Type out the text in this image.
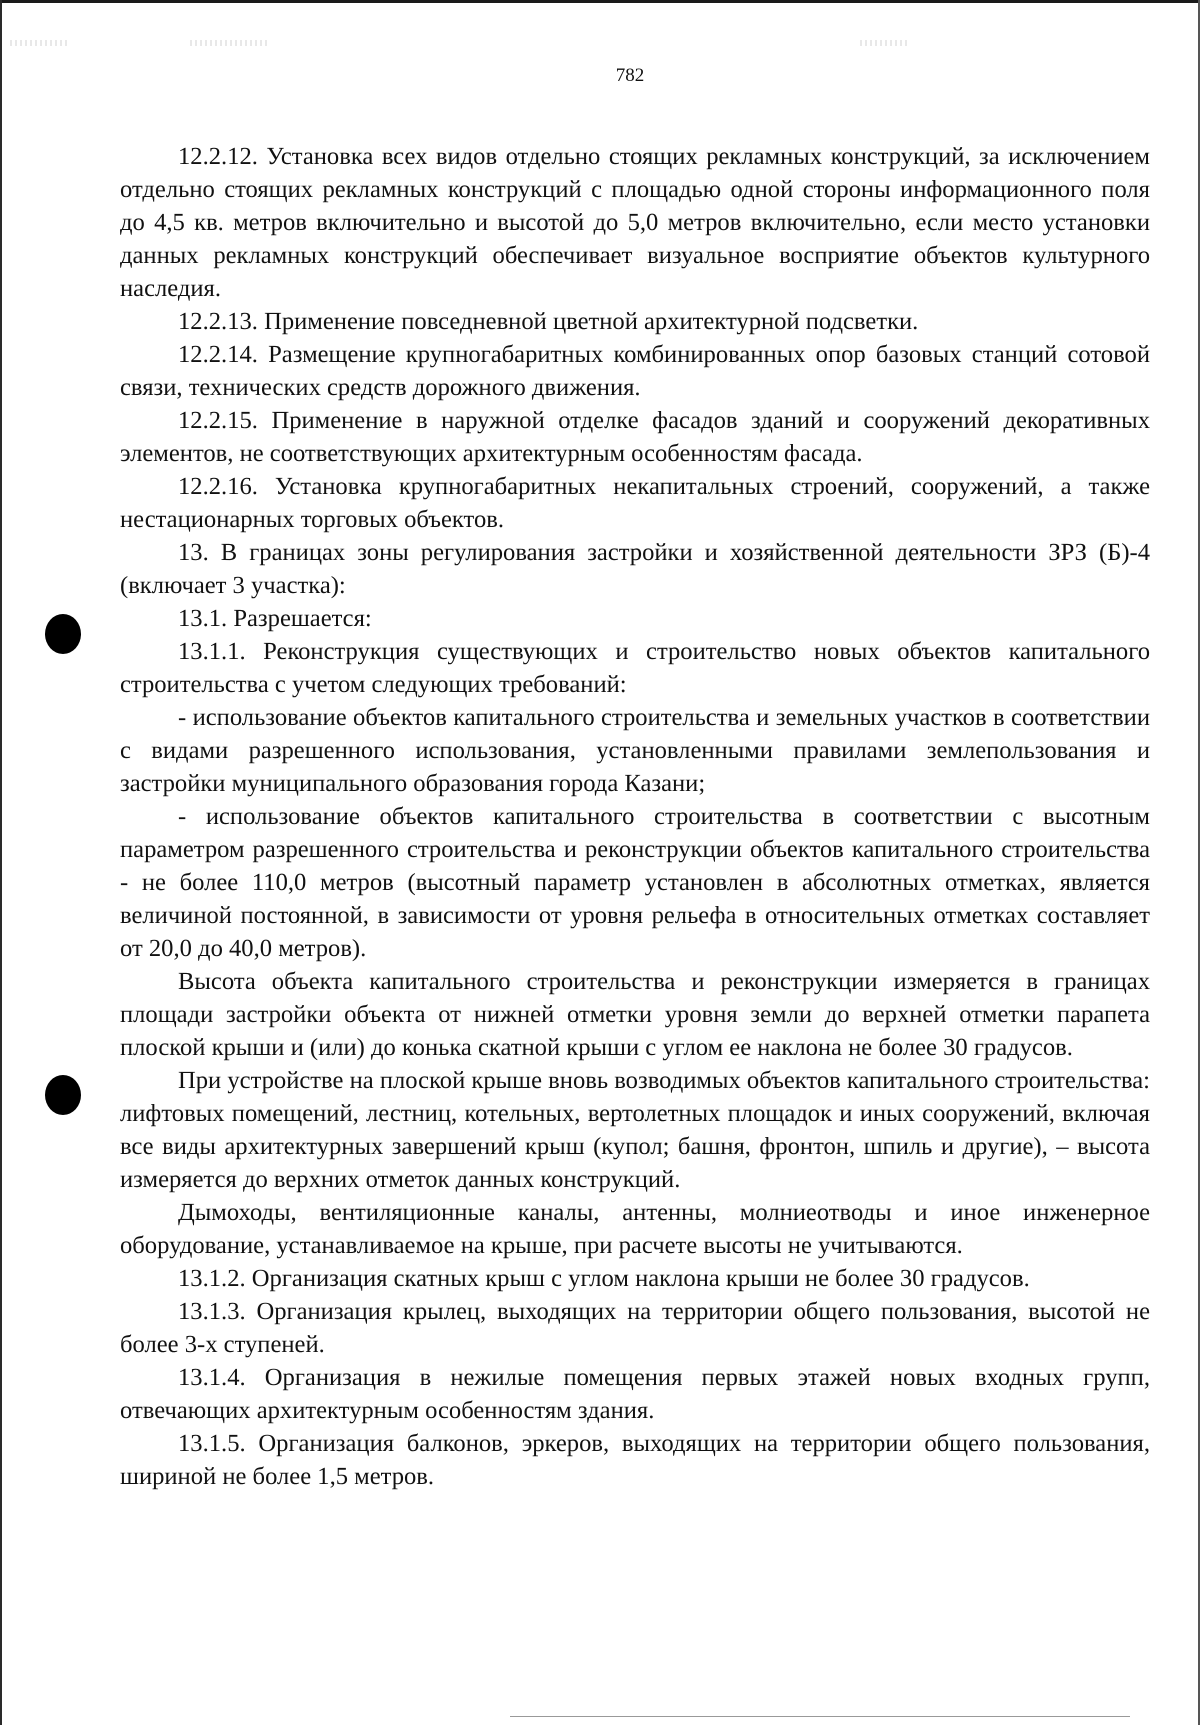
782

12.2.12. Установка всех видов отдельно стоящих рекламных конструкций, за исключением отдельно стоящих рекламных конструкций с площадью одной стороны информационного поля до 4,5 кв. метров включительно и высотой до 5,0 метров включительно, если место установки данных рекламных конструкций обеспечивает визуальное восприятие объектов культурного наследия.

12.2.13. Применение повседневной цветной архитектурной подсветки.

12.2.14. Размещение крупногабаритных комбинированных опор базовых станций сотовой связи, технических средств дорожного движения.

12.2.15. Применение в наружной отделке фасадов зданий и сооружений декоративных элементов, не соответствующих архитектурным особенностям фасада.

12.2.16. Установка крупногабаритных некапитальных строений, сооружений, а также нестационарных торговых объектов.

13. В границах зоны регулирования застройки и хозяйственной деятельности ЗРЗ (Б)-4 (включает 3 участка):

13.1. Разрешается:

13.1.1. Реконструкция существующих и строительство новых объектов капитального строительства с учетом следующих требований:

- использование объектов капитального строительства и земельных участков в соответствии с видами разрешенного использования, установленными правилами землепользования и застройки муниципального образования города Казани;

- использование объектов капитального строительства в соответствии с высотным параметром разрешенного строительства и реконструкции объектов капитального строительства - не более 110,0 метров (высотный параметр установлен в абсолютных отметках, является величиной постоянной, в зависимости от уровня рельефа в относительных отметках составляет от 20,0 до 40,0 метров).

Высота объекта капитального строительства и реконструкции измеряется в границах площади застройки объекта от нижней отметки уровня земли до верхней отметки парапета плоской крыши и (или) до конька скатной крыши с углом ее наклона не более 30 градусов.

При устройстве на плоской крыше вновь возводимых объектов капитального строительства: лифтовых помещений, лестниц, котельных, вертолетных площадок и иных сооружений, включая все виды архитектурных завершений крыш (купол; башня, фронтон, шпиль и другие), – высота измеряется до верхних отметок данных конструкций.

Дымоходы, вентиляционные каналы, антенны, молниеотводы и иное инженерное оборудование, устанавливаемое на крыше, при расчете высоты не учитываются.

13.1.2. Организация скатных крыш с углом наклона крыши не более 30 градусов.

13.1.3. Организация крылец, выходящих на территории общего пользования, высотой не более 3-х ступеней.

13.1.4. Организация в нежилые помещения первых этажей новых входных групп, отвечающих архитектурным особенностям здания.

13.1.5. Организация балконов, эркеров, выходящих на территории общего пользования, шириной не более 1,5 метров.
